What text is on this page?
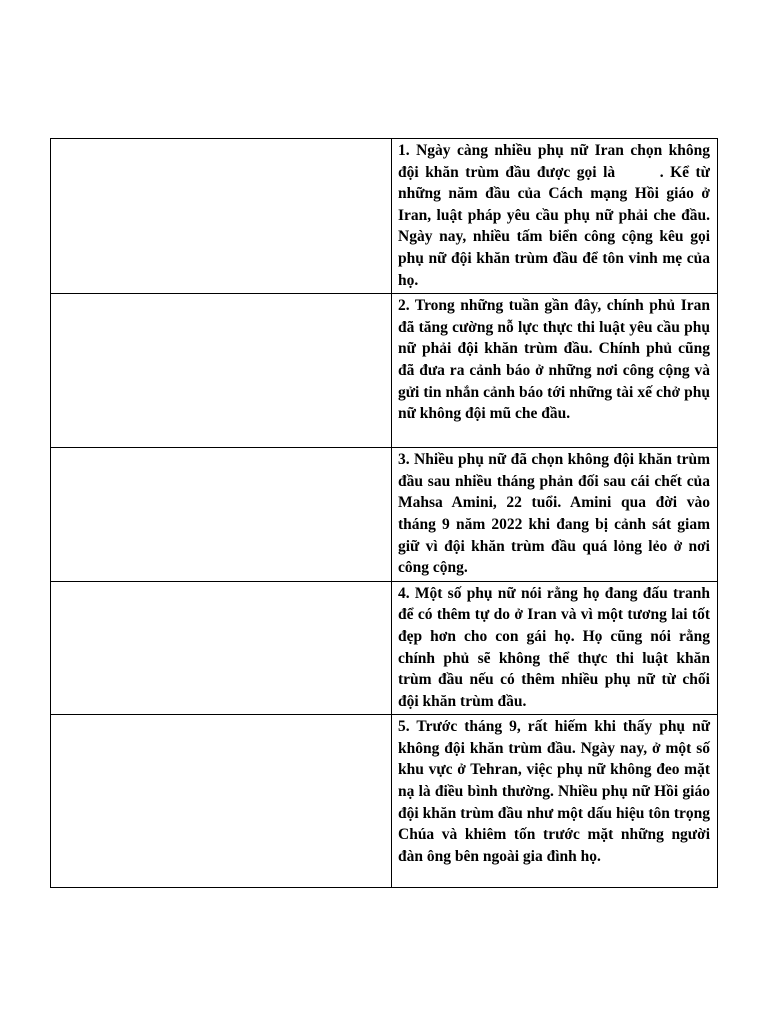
	1. Ngày càng nhiều phụ nữ Iran chọn không đội khăn trùm đầu được gọi là . Kể từ những năm đầu của Cách mạng Hồi giáo ở Iran, luật pháp yêu cầu phụ nữ phải che đầu. Ngày nay, nhiều tấm biển công cộng kêu gọi phụ nữ đội khăn trùm đầu để tôn vinh mẹ của họ.

	2. Trong những tuần gần đây, chính phủ Iran đã tăng cường nỗ lực thực thi luật yêu cầu phụ nữ phải đội khăn trùm đầu. Chính phủ cũng đã đưa ra cảnh báo ở những nơi công cộng và gửi tin nhắn cảnh báo tới những tài xế chở phụ nữ không đội mũ che đầu.

	3. Nhiều phụ nữ đã chọn không đội khăn trùm đầu sau nhiều tháng phản đối sau cái chết của Mahsa Amini, 22 tuổi. Amini qua đời vào tháng 9 năm 2022 khi đang bị cảnh sát giam giữ vì đội khăn trùm đầu quá lỏng lẻo ở nơi công cộng.

	4. Một số phụ nữ nói rằng họ đang đấu tranh để có thêm tự do ở Iran và vì một tương lai tốt đẹp hơn cho con gái họ. Họ cũng nói rằng chính phủ sẽ không thể thực thi luật khăn trùm đầu nếu có thêm nhiều phụ nữ từ chối đội khăn trùm đầu.

	5. Trước tháng 9, rất hiếm khi thấy phụ nữ không đội khăn trùm đầu. Ngày nay, ở một số khu vực ở Tehran, việc phụ nữ không đeo mặt nạ là điều bình thường. Nhiều phụ nữ Hồi giáo đội khăn trùm đầu như một dấu hiệu tôn trọng Chúa và khiêm tốn trước mặt những người đàn ông bên ngoài gia đình họ.
